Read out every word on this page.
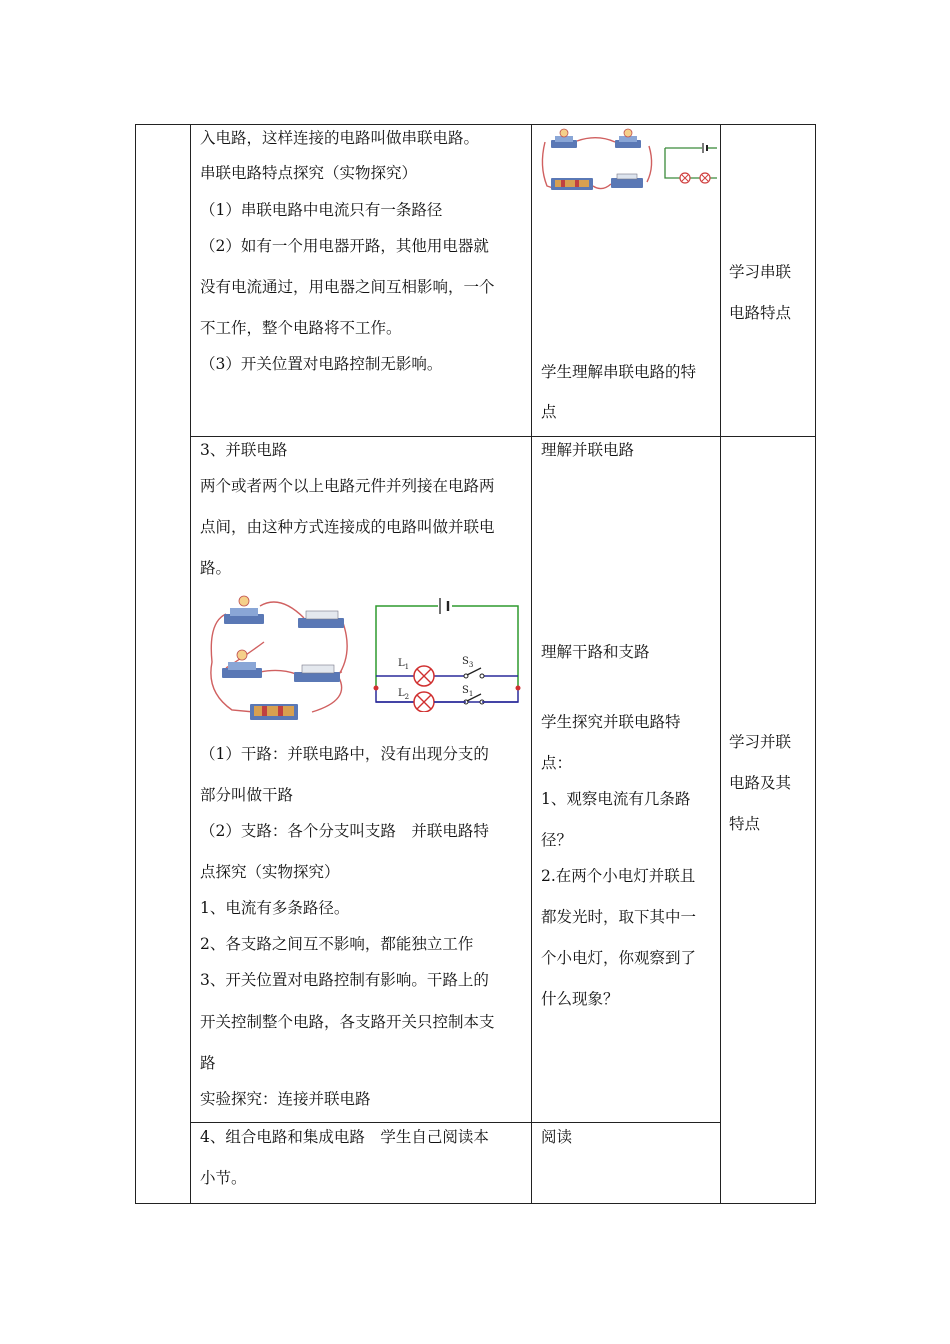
入电路，这样连接的电路叫做串联电路。
串联电路特点探究（实物探究）
（1）串联电路中电流只有一条路径
（2）如有一个用电器开路，其他用电器就
没有电流通过，用电器之间互相影响，一个
不工作，整个电路将不工作。
（3）开关位置对电路控制无影响。	学生理解串联电路的特
点
学习串联
电路特点
3、并联电路
两个或者两个以上电路元件并列接在电路两
点间，由这种方式连接成的电路叫做并联电
路。
$L_1$
$L_2$
$S_3$
$S_1$
（1）干路：并联电路中，没有出现分支的
部分叫做干路
（2）支路：各个分支叫支路　并联电路特
点探究（实物探究）
1、电流有多条路径。
2、各支路之间互不影响，都能独立工作
3、开关位置对电路控制有影响。干路上的
开关控制整个电路，各支路开关只控制本支
路
实验探究：连接并联电路
理解并联电路
理解干路和支路
学生探究并联电路特
点：
1、观察电流有几条路
径？
2.在两个小电灯并联且
都发光时，取下其中一
个小电灯，你观察到了
什么现象？
学习并联
电路及其
特点
4、组合电路和集成电路　学生自己阅读本
小节。
阅读
